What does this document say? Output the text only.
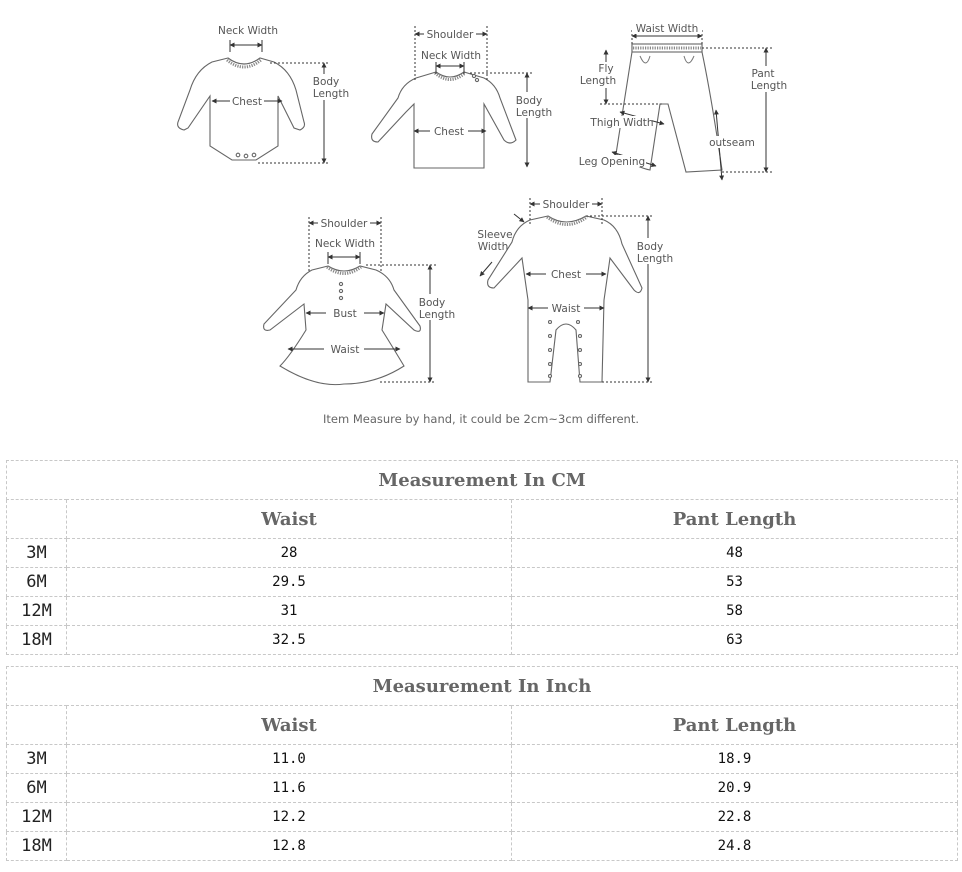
Neck Width
Chest
Body
Length
Shoulder
Neck Width
Chest
Body
Length
Waist Width
Fly
Length
Pant
Length
Thigh Width
outseam
Leg Opening
Shoulder
Neck Width
Bust
Waist
Body
Length
Shoulder
Sleeve
Width
Chest
Waist
Body
Length
Item Measure by hand, it could be 2cm~3cm different.
Measurement In CM		
	Waist	Pant Length
3M	28	48
6M	29.5	53
12M	31	58
18M	32.5	63
Measurement In Inch		
	Waist	Pant Length
3M	11.0	18.9
6M	11.6	20.9
12M	12.2	22.8
18M	12.8	24.8
